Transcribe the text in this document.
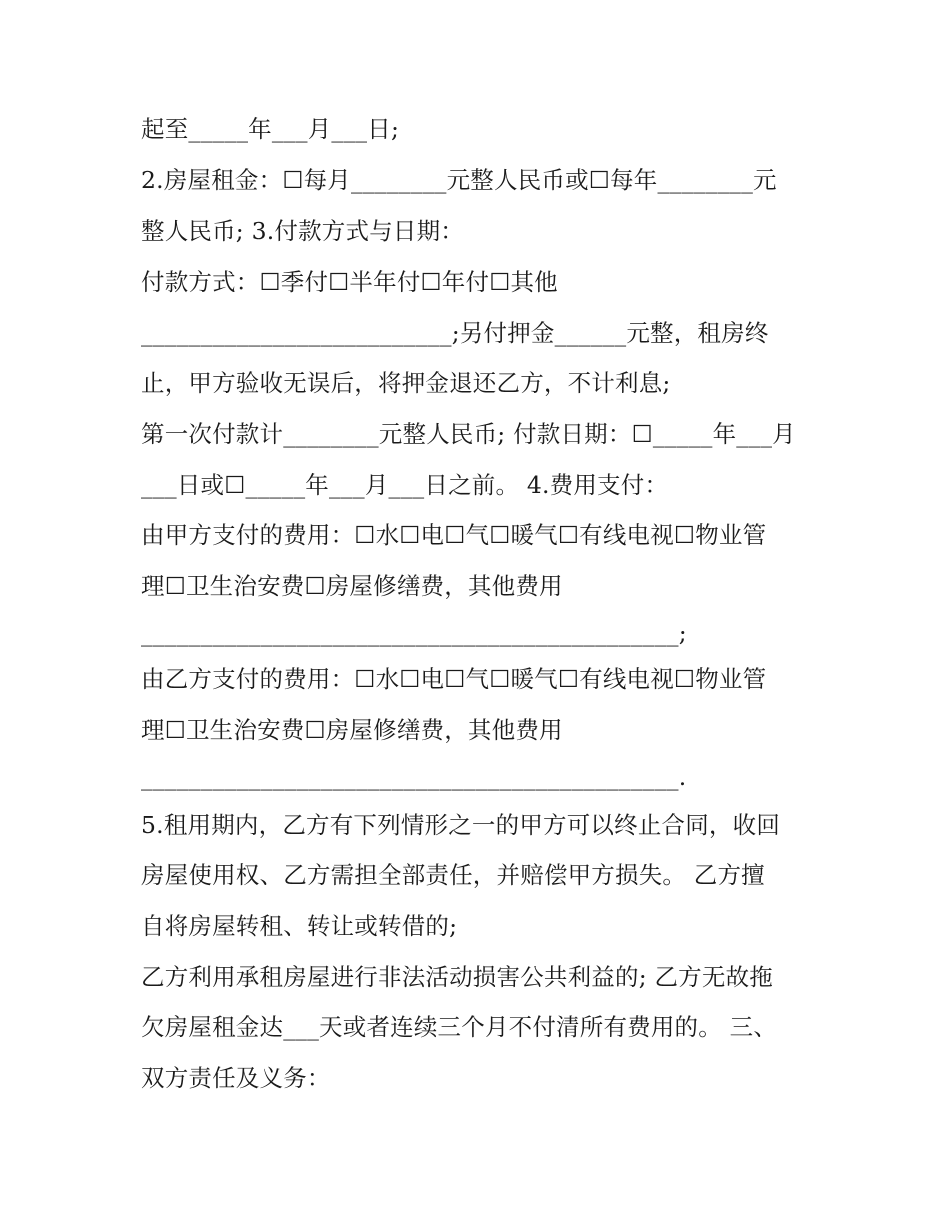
起至_____年___月___日;

2.房屋租金：☐每月________元整人民币或☐每年________元

整人民币; 3.付款方式与日期：

付款方式：☐季付☐半年付☐年付☐其他

__________________________;另付押金______元整，租房终

止，甲方验收无误后，将押金退还乙方，不计利息;

第一次付款计________元整人民币; 付款日期：☐_____年___月

___日或☐_____年___月___日之前。 4.费用支付：

由甲方支付的费用：☐水☐电☐气☐暖气☐有线电视☐物业管

理☐卫生治安费☐房屋修缮费，其他费用

_____________________________________________;

由乙方支付的费用：☐水☐电☐气☐暖气☐有线电视☐物业管

理☐卫生治安费☐房屋修缮费，其他费用

_____________________________________________.

5.租用期内，乙方有下列情形之一的甲方可以终止合同，收回

房屋使用权、乙方需担全部责任，并赔偿甲方损失。 乙方擅

自将房屋转租、转让或转借的;

乙方利用承租房屋进行非法活动损害公共利益的; 乙方无故拖

欠房屋租金达___天或者连续三个月不付清所有费用的。 三、

双方责任及义务：
